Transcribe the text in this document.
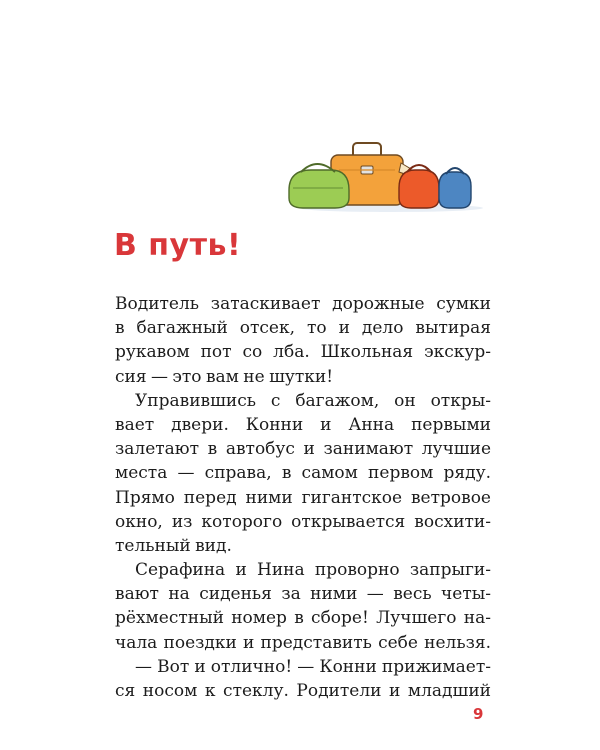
В путь!
Водитель затаскивает дорожные сумки
в багажный отсек, то и дело вытирая
рукавом пот со лба. Школьная экскур-
сия — это вам не шутки!
Управившись с багажом, он откры-
вает двери. Конни и Анна первыми
залетают в автобус и занимают лучшие
места — справа, в самом первом ряду.
Прямо перед ними гигантское ветровое
окно, из которого открывается восхити-
тельный вид.
Серафина и Нина проворно запрыги-
вают на сиденья за ними — весь четы-
рёхместный номер в сборе! Лучшего на-
чала поездки и представить себе нельзя.
— Вот и отлично! — Конни прижимает-
ся носом к стеклу. Родители и младший
9
